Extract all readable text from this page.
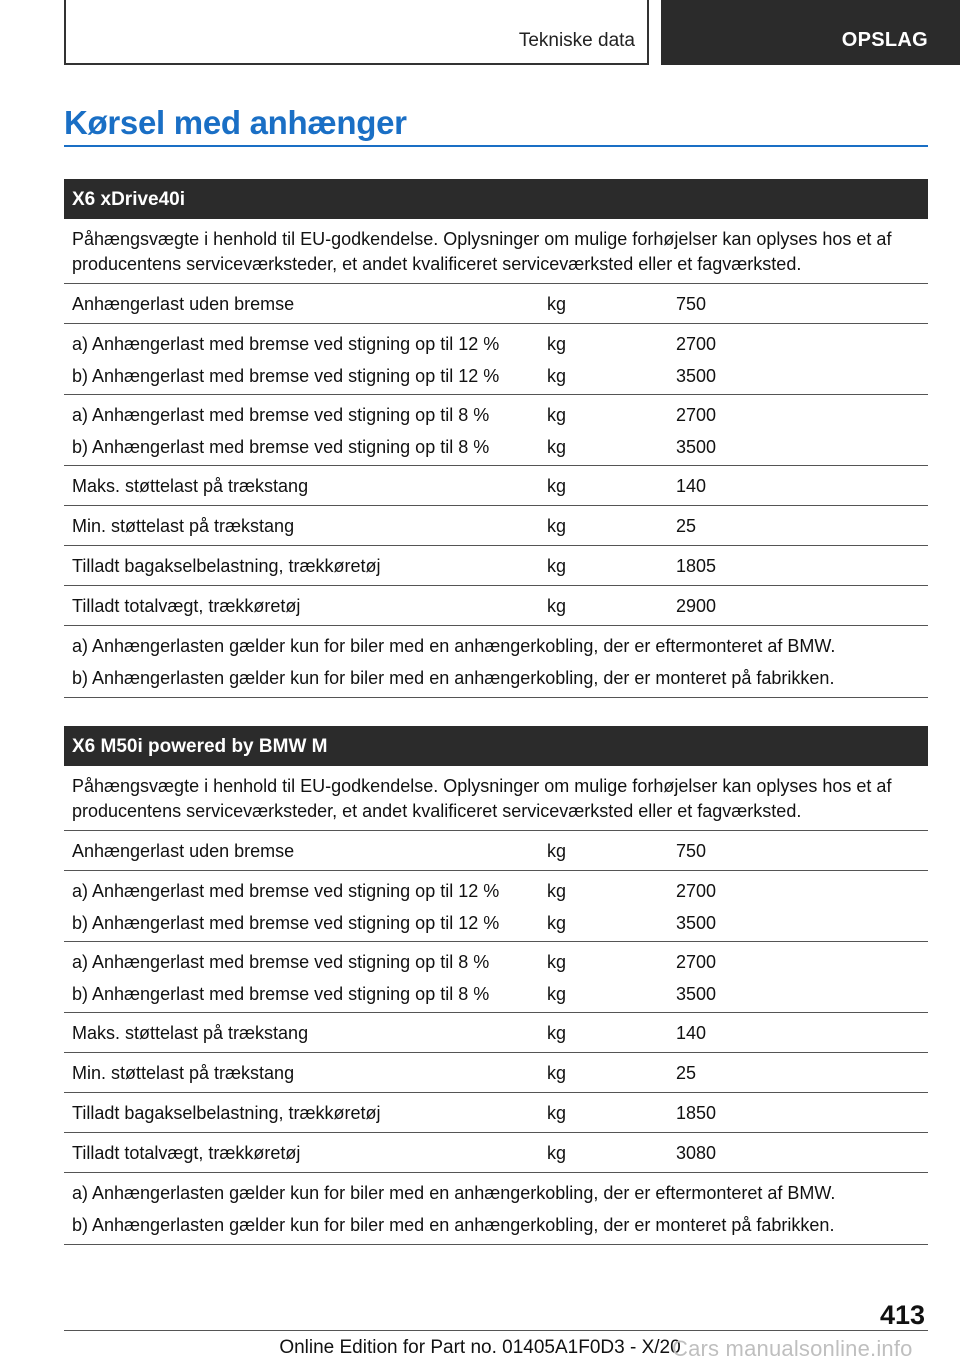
Tekniske data	OPSLAG
Kørsel med anhænger
X6 xDrive40i
Påhængsvægte i henhold til EU-godkendelse. Oplysninger om mulige forhøjelser kan oplyses hos et af producentens serviceværksteder, et andet kvalificeret serviceværksted eller et fagværksted.
Anhængerlast uden bremse	kg	750
a) Anhængerlast med bremse ved stigning op til 12 %	kg	2700
b) Anhængerlast med bremse ved stigning op til 12 %	kg	3500
a) Anhængerlast med bremse ved stigning op til 8 %	kg	2700
b) Anhængerlast med bremse ved stigning op til 8 %	kg	3500
Maks. støttelast på trækstang	kg	140
Min. støttelast på trækstang	kg	25
Tilladt bagakselbelastning, trækkøretøj	kg	1805
Tilladt totalvægt, trækkøretøj	kg	2900
a) Anhængerlasten gælder kun for biler med en anhængerkobling, der er eftermonteret af BMW.
b) Anhængerlasten gælder kun for biler med en anhængerkobling, der er monteret på fabrikken.
X6 M50i powered by BMW M
Påhængsvægte i henhold til EU-godkendelse. Oplysninger om mulige forhøjelser kan oplyses hos et af producentens serviceværksteder, et andet kvalificeret serviceværksted eller et fagværksted.
Anhængerlast uden bremse	kg	750
a) Anhængerlast med bremse ved stigning op til 12 %	kg	2700
b) Anhængerlast med bremse ved stigning op til 12 %	kg	3500
a) Anhængerlast med bremse ved stigning op til 8 %	kg	2700
b) Anhængerlast med bremse ved stigning op til 8 %	kg	3500
Maks. støttelast på trækstang	kg	140
Min. støttelast på trækstang	kg	25
Tilladt bagakselbelastning, trækkøretøj	kg	1850
Tilladt totalvægt, trækkøretøj	kg	3080
a) Anhængerlasten gælder kun for biler med en anhængerkobling, der er eftermonteret af BMW.
b) Anhængerlasten gælder kun for biler med en anhængerkobling, der er monteret på fabrikken.
413
Online Edition for Part no. 01405A1F0D3 - X/20
Cars manualsonline.info
